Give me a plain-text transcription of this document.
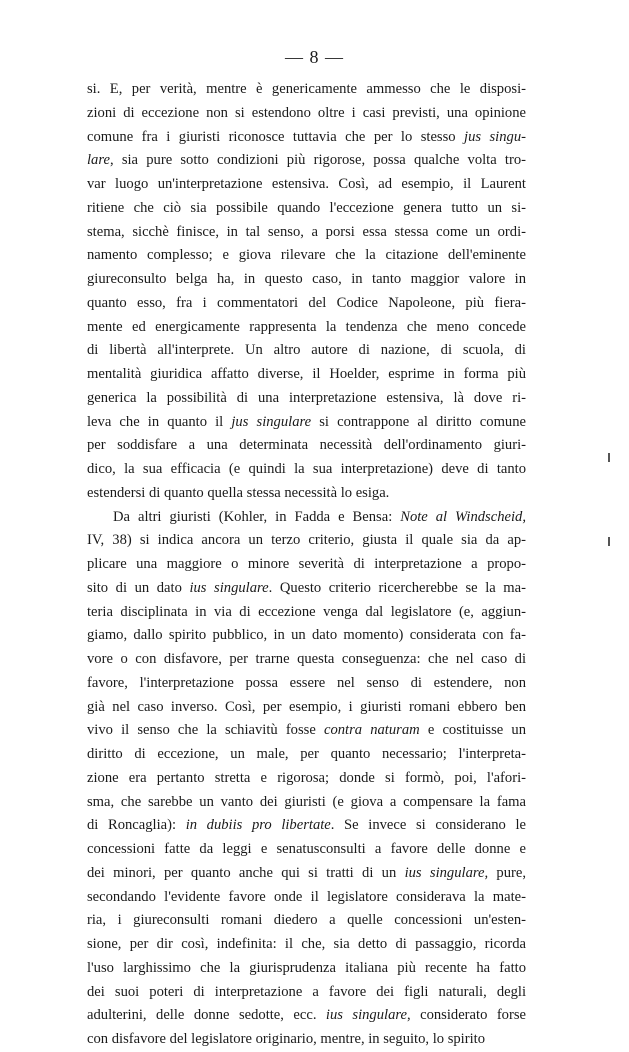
— 8 —
si. E, per verità, mentre è genericamente ammesso che le disposi-
zioni di eccezione non si estendono oltre i casi previsti, una opinione
comune fra i giuristi riconosce tuttavia che per lo stesso jus singu-
lare, sia pure sotto condizioni più rigorose, possa qualche volta tro-
var luogo un'interpretazione estensiva. Così, ad esempio, il Laurent
ritiene che ciò sia possibile quando l'eccezione genera tutto un si-
stema, sicchè finisce, in tal senso, a porsi essa stessa come un ordi-
namento complesso; e giova rilevare che la citazione dell'eminente
giureconsulto belga ha, in questo caso, in tanto maggior valore in
quanto esso, fra i commentatori del Codice Napoleone, più fiera-
mente ed energicamente rappresenta la tendenza che meno concede
di libertà all'interprete. Un altro autore di nazione, di scuola, di
mentalità giuridica affatto diverse, il Hoelder, esprime in forma più
generica la possibilità di una interpretazione estensiva, là dove ri-
leva che in quanto il jus singulare si contrappone al diritto comune
per soddisfare a una determinata necessità dell'ordinamento giuri-
dico, la sua efficacia (e quindi la sua interpretazione) deve di tanto
estendersi di quanto quella stessa necessità lo esiga.
Da altri giuristi (Kohler, in Fadda e Bensa: Note al Windscheid,
IV, 38) si indica ancora un terzo criterio, giusta il quale sia da ap-
plicare una maggiore o minore severità di interpretazione a propo-
sito di un dato ius singulare. Questo criterio ricercherebbe se la ma-
teria disciplinata in via di eccezione venga dal legislatore (e, aggiun-
giamo, dallo spirito pubblico, in un dato momento) considerata con fa-
vore o con disfavore, per trarne questa conseguenza: che nel caso di
favore, l'interpretazione possa essere nel senso di estendere, non
già nel caso inverso. Così, per esempio, i giuristi romani ebbero ben
vivo il senso che la schiavitù fosse contra naturam e costituisse un
diritto di eccezione, un male, per quanto necessario; l'interpreta-
zione era pertanto stretta e rigorosa; donde si formò, poi, l'afori-
sma, che sarebbe un vanto dei giuristi (e giova a compensare la fama
di Roncaglia): in dubiis pro libertate. Se invece si considerano le
concessioni fatte da leggi e senatusconsulti a favore delle donne e
dei minori, per quanto anche qui si tratti di un ius singulare, pure,
secondando l'evidente favore onde il legislatore considerava la mate-
ria, i giureconsulti romani diedero a quelle concessioni un'esten-
sione, per dir così, indefinita: il che, sia detto di passaggio, ricorda
l'uso larghissimo che la giurisprudenza italiana più recente ha fatto
dei suoi poteri di interpretazione a favore dei figli naturali, degli
adulterini, delle donne sedotte, ecc. ius singulare, considerato forse
con disfavore del legislatore originario, mentre, in seguito, lo spirito
